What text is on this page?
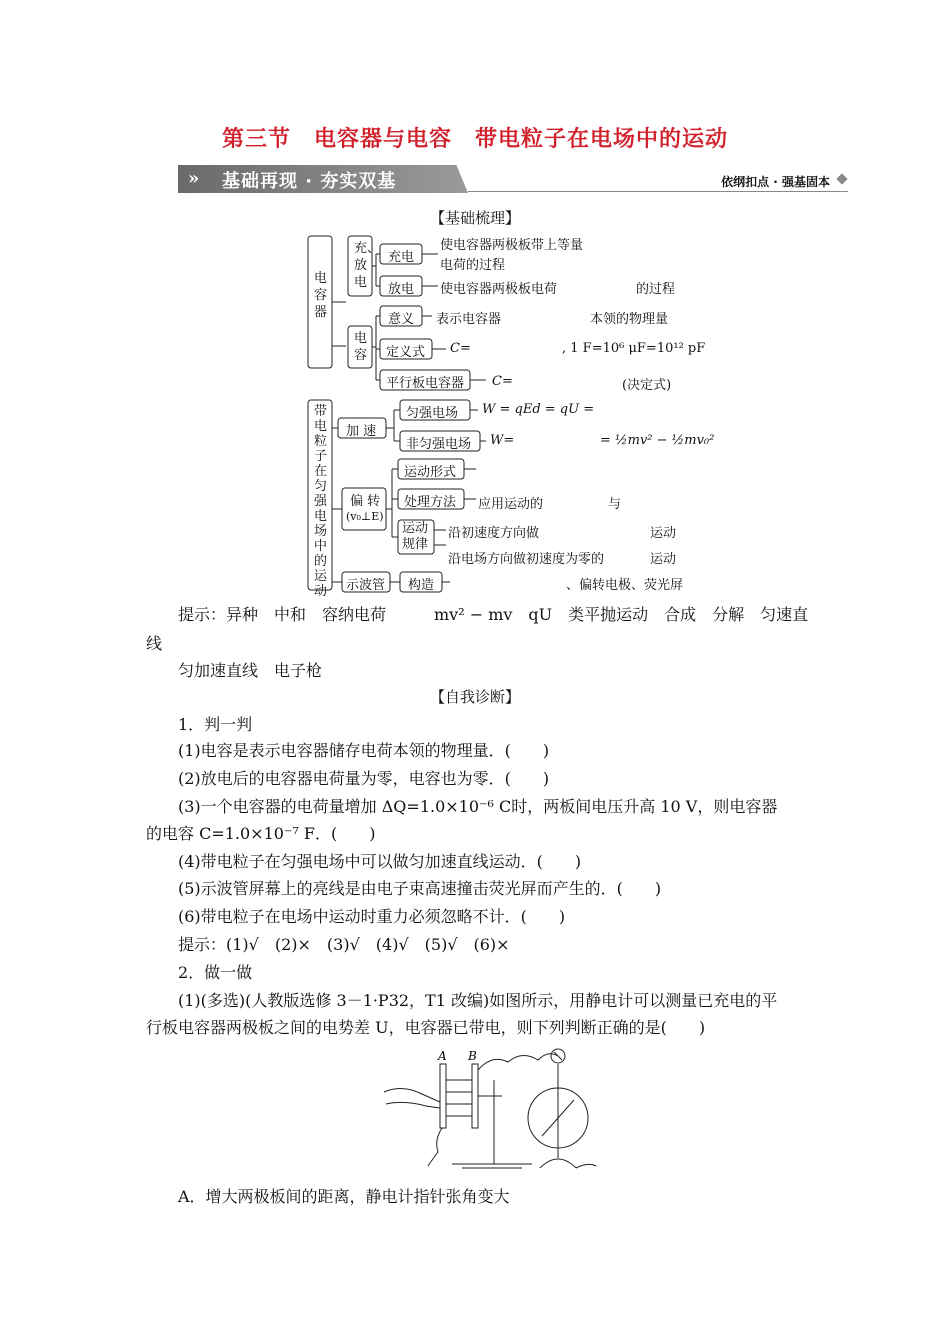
第三节　电容器与电容　带电粒子在电场中的运动
» 基础再现 · 夯实双基	依纲扣点 · 强基固本
【基础梳理】
电容器
充、放电
充电
使电容器两极板带上等量
电荷的过程
放电 使电容器两极板电荷	的过程
电容
意义 表示电容器	本领的物理量
定义式 C=	, 1 F=10⁶ μF=10¹² pF
平行板电容器 C=	(决定式)
带电粒子在匀强电场中的运动
加 速
匀强电场 W = qEd = qU =
非匀强电场 W=	= ½mv² − ½mv₀²
偏 转
(v₀⊥E)
运动形式
处理方法 应用运动的	与
运动规律
沿初速度方向做	运动
沿电场方向做初速度为零的	运动
示波管 构造	、偏转电极、荧光屏
提示：异种　中和　容纳电荷　　　mv² − mv　qU　类平抛运动　合成　分解　匀速直
线
匀加速直线　电子枪
【自我诊断】
1．判一判
(1)电容是表示电容器储存电荷本领的物理量．(　　)
(2)放电后的电容器电荷量为零，电容也为零．(　　)
(3)一个电容器的电荷量增加 ΔQ=1.0×10⁻⁶ C时，两板间电压升高 10 V，则电容器
的电容 C=1.0×10⁻⁷ F．(　　)
(4)带电粒子在匀强电场中可以做匀加速直线运动．(　　)
(5)示波管屏幕上的亮线是由电子束高速撞击荧光屏而产生的．(　　)
(6)带电粒子在电场中运动时重力必须忽略不计．(　　)
提示：(1)√　(2)×　(3)√　(4)√　(5)√　(6)×
2．做一做
(1)(多选)(人教版选修 3－1·P32，T1 改编)如图所示，用静电计可以测量已充电的平
行板电容器两极板之间的电势差 U，电容器已带电，则下列判断正确的是(　　)
A B
A．增大两极板间的距离，静电计指针张角变大
